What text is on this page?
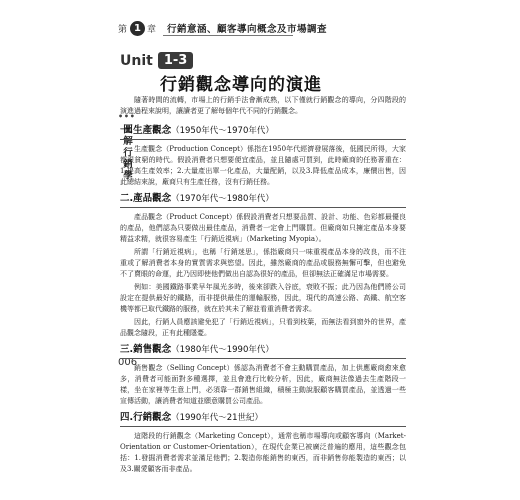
第 1 章 行銷意涵、顧客導向概念及市場調查
Unit 1-3
行銷觀念導向的演進
• • •
圖解行銷學
006

隨著時間的流轉，市場上的行銷手法會漸成熟，以下僅就行銷觀念的導向，分四階段的演進過程來說明，讓讀者更了解每個年代不同的行銷觀念。

一.生產觀念（1950年代～1970年代）

生產觀念（Production Concept）係指在1950年代經濟發展落後，低國民所得，大家都很貧窮的時代。假設消費者只想要便宜產品，並且隨處可買到，此時廠商的任務著重在：1.提高生產效率；2.大量產出單一化產品，大量配銷，以及3.降低產品成本，廉價出售，因此總結來說，廠商只有生產任務，沒有行銷任務。

二.產品觀念（1970年代～1980年代）

產品觀念（Product Concept）係假設消費者只想要品質、設計、功能、色彩都最優良的產品，他們認為只要做出最佳產品，消費者一定會上門購買。但廠商如只擁定產品本身要精益求精，就很容易產生「行銷近視病」（Marketing Myopia）。

所謂「行銷近視病」，也稱「行銷迷思」，係指廠商只一味重視產品本身的改良，而不注重或了解消費者本身的實質需求與慾望。因此，雖然廠商的產品或服務無懈可擊，但也避免不了賣眼的命運，此乃因即使他們做出自認為很好的產品，但卻無法正確滿足市場需要。

例如：美國鐵路事業早年風光多時，後來卻跌入谷底，衰敗不振；此乃因為他們將公司設定在提供最好的鐵路，而非提供最佳的運輸服務，因此，現代的高速公路、高鐵、航空客機等都已取代鐵路的服務，就在於其未了解並看重消費者需求。

因此，行銷人員應該避免犯了「行銷近視病」，只看到枝葉，而無法看到窗外的世界，產品觀念隨段，正有此種隱憂。

三.銷售觀念（1980年代～1990年代）

銷售觀念（Selling Concept）係認為消費者不會主動購買產品，加上供應廠商愈來愈多，消費者可能面對多種選擇，並且會進行比較分析，因此，廠商無法像過去生產階段一樣，坐在家裡等生意上門，必須靠一群銷售組織，積極主動說服顧客購買產品，並透過一些宣傳活動，讓消費者知道並願意購買公司產品。

四.行銷觀念（1990年代～21世紀）

這階段的行銷觀念（Marketing Concept），通常也稱市場導向或顧客導向（Market-Orientation or Customer-Orientation），在現代企業已被廣泛普遍的應用，這些觀念包括：1.發掘消費者需求並滿足他們；2.製造你能銷售的東西，而非銷售你能製造的東西；以及3.關愛顧客而非產品。
